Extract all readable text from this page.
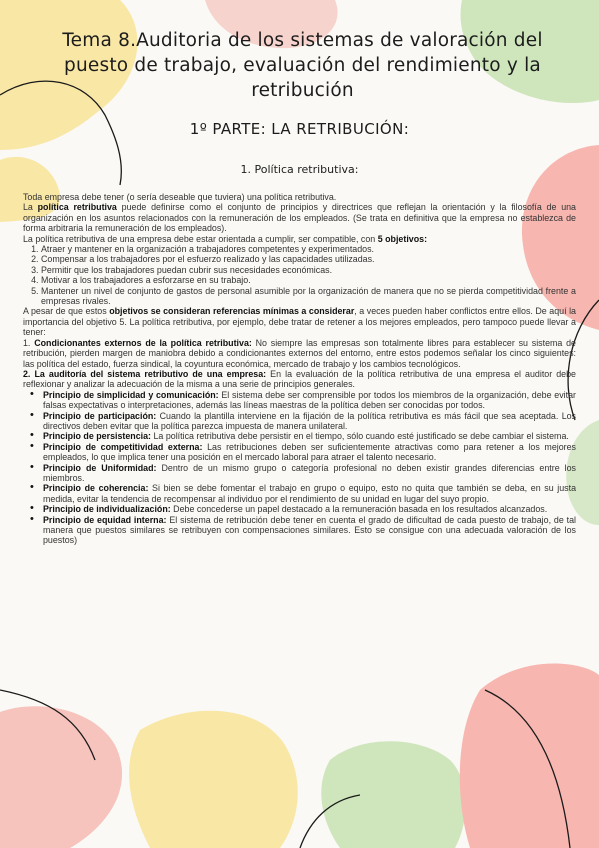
Tema 8.Auditoria de los sistemas de valoración del puesto de trabajo, evaluación del rendimiento y la retribución
1º PARTE: LA RETRIBUCIÓN:
1. Política retributiva:

Toda empresa debe tener (o sería deseable que tuviera) una política retributiva.

La política retributiva puede definirse como el conjunto de principios y directrices que reflejan la orientación y la filosofía de una organización en los asuntos relacionados con la remuneración de los empleados. (Se trata en definitiva que la empresa no establezca de forma arbitraria la remuneración de los empleados).

La política retributiva de una empresa debe estar orientada a cumplir, ser compatible, con 5 objetivos:

1. Atraer y mantener en la organización a trabajadores competentes y experimentados.
2. Compensar a los trabajadores por el esfuerzo realizado y las capacidades utilizadas.
3. Permitir que los trabajadores puedan cubrir sus necesidades económicas.
4. Motivar a los trabajadores a esforzarse en su trabajo.
5. Mantener un nivel de conjunto de gastos de personal asumible por la organización de manera que no se pierda competitividad frente a empresas rivales.

A pesar de que estos objetivos se consideran referencias mínimas a considerar, a veces pueden haber conflictos entre ellos. De aquí la importancia del objetivo 5. La política retributiva, por ejemplo, debe tratar de retener a los mejores empleados, pero tampoco puede llevar a tener:

1. Condicionantes externos de la política retributiva: No siempre las empresas son totalmente libres para establecer su sistema de retribución, pierden margen de maniobra debido a condicionantes externos del entorno, entre estos podemos señalar los cinco siguientes: las política del estado, fuerza sindical, la coyuntura económica, mercado de trabajo y los cambios tecnológicos.

2. La auditoría del sistema retributivo de una empresa: En la evaluación de la política retributiva de una empresa el auditor debe reflexionar y analizar la adecuación de la misma a una serie de principios generales.

• Principio de simplicidad y comunicación: El sistema debe ser comprensible por todos los miembros de la organización, debe evitar falsas expectativas o interpretaciones, además las líneas maestras de la política deben ser conocidas por todos.
• Principio de participación: Cuando la plantilla interviene en la fijación de la política retributiva es más fácil que sea aceptada. Los directivos deben evitar que la política parezca impuesta de manera unilateral.
• Principio de persistencia: La política retributiva debe persistir en el tiempo, sólo cuando esté justificado se debe cambiar el sistema.
• Principio de competitividad externa: Las retribuciones deben ser suficientemente atractivas como para retener a los mejores empleados, lo que implica tener una posición en el mercado laboral para atraer el talento necesario.
• Principio de Uniformidad: Dentro de un mismo grupo o categoría profesional no deben existir grandes diferencias entre los miembros.
• Principio de coherencia: Si bien se debe fomentar el trabajo en grupo o equipo, esto no quita que también se deba, en su justa medida, evitar la tendencia de recompensar al individuo por el rendimiento de su unidad en lugar del suyo propio.
• Principio de individualización: Debe concederse un papel destacado a la remuneración basada en los resultados alcanzados.
• Principio de equidad interna: El sistema de retribución debe tener en cuenta el grado de dificultad de cada puesto de trabajo, de tal manera que puestos similares se retribuyen con compensaciones similares. Esto se consigue con una adecuada valoración de los puestos)
